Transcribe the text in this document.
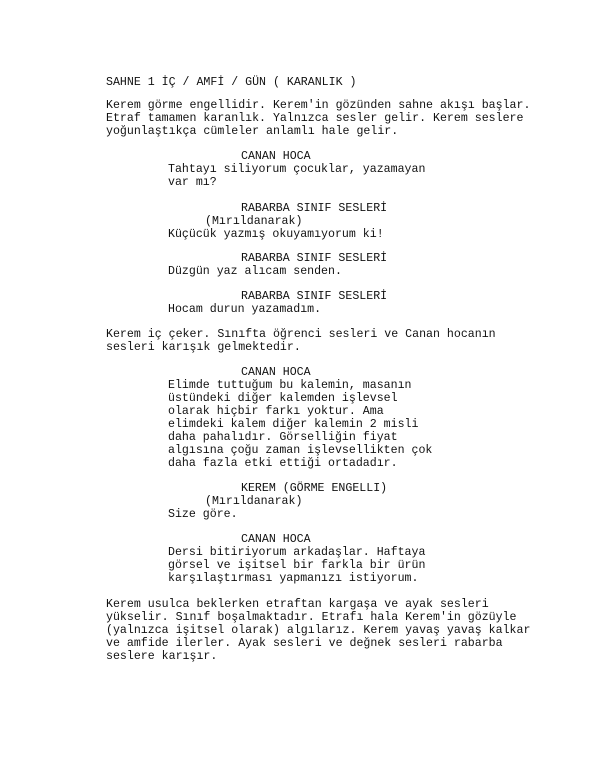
SAHNE 1 İÇ / AMFİ / GÜN ( KARANLIK )
Kerem görme engellidir. Kerem'in gözünden sahne akışı başlar.
Etraf tamamen karanlık. Yalnızca sesler gelir. Kerem seslere
yoğunlaştıkça cümleler anlamlı hale gelir.
CANAN HOCA
Tahtayı siliyorum çocuklar, yazamayan
var mı?
RABARBA SINIF SESLERİ
(Mırıldanarak)
Küçücük yazmış okuyamıyorum ki!
RABARBA SINIF SESLERİ
Düzgün yaz alıcam senden.
RABARBA SINIF SESLERİ
Hocam durun yazamadım.
Kerem iç çeker. Sınıfta öğrenci sesleri ve Canan hocanın
sesleri karışık gelmektedir.
CANAN HOCA
Elimde tuttuğum bu kalemin, masanın
üstündeki diğer kalemden işlevsel
olarak hiçbir farkı yoktur. Ama
elimdeki kalem diğer kalemin 2 misli
daha pahalıdır. Görselliğin fiyat
algısına çoğu zaman işlevsellikten çok
daha fazla etki ettiği ortadadır.
KEREM (GÖRME ENGELLI)
(Mırıldanarak)
Size göre.
CANAN HOCA
Dersi bitiriyorum arkadaşlar. Haftaya
görsel ve işitsel bir farkla bir ürün
karşılaştırması yapmanızı istiyorum.
Kerem usulca beklerken etraftan kargaşa ve ayak sesleri
yükselir. Sınıf boşalmaktadır. Etrafı hala Kerem'in gözüyle
(yalnızca işitsel olarak) algılarız. Kerem yavaş yavaş kalkar
ve amfide ilerler. Ayak sesleri ve değnek sesleri rabarba
seslere karışır.
